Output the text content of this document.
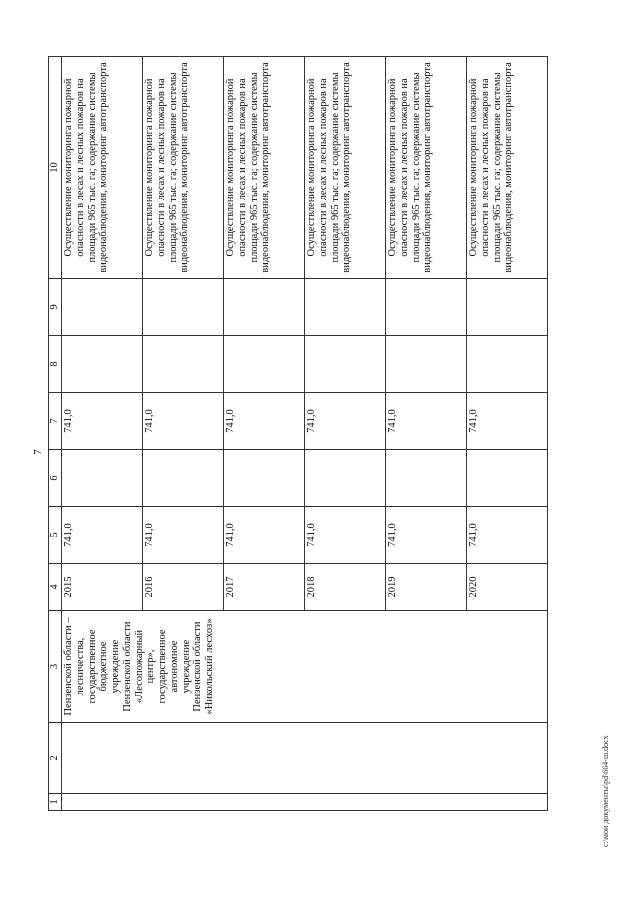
7
1	2	3	4	5	6	7	8	9	10
		Пензенской области – лесничества, государственное бюджетное учреждение Пензенской области «Лесопожарный центр», государственное автономное учреждение Пензенской области «Никольский лесхоз»	2015	741,0		741,0			Осуществление мониторинга пожарной опасности в лесах и лесных пожаров на площади 965 тыс. га; содержание системы видеонаблюдения, мониторинг автотранспорта
			2016	741,0		741,0			Осуществление мониторинга пожарной опасности в лесах и лесных пожаров на площади 965 тыс. га; содержание системы видеонаблюдения, мониторинг автотранспорта
			2017	741,0		741,0			Осуществление мониторинга пожарной опасности в лесах и лесных пожаров на площади 965 тыс. га; содержание системы видеонаблюдения, мониторинг автотранспорта
			2018	741,0		741,0			Осуществление мониторинга пожарной опасности в лесах и лесных пожаров на площади 965 тыс. га; содержание системы видеонаблюдения, мониторинг автотранспорта
			2019	741,0		741,0			Осуществление мониторинга пожарной опасности в лесах и лесных пожаров на площади 965 тыс. га; содержание системы видеонаблюдения, мониторинг автотранспорта
			2020	741,0		741,0			Осуществление мониторинга пожарной опасности в лесах и лесных пожаров на площади 965 тыс. га; содержание системы видеонаблюдения, мониторинг автотранспорта
c:\мои документы\pd\664-ш.docx
